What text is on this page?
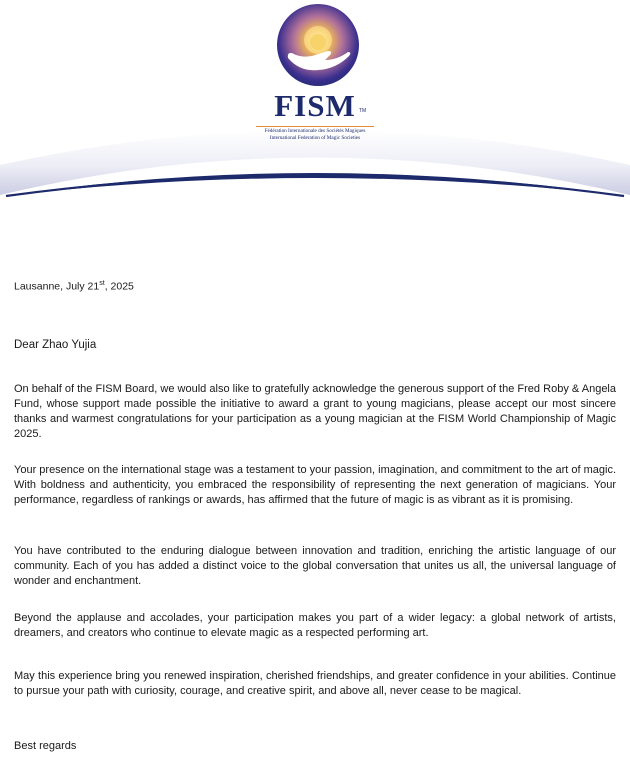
FISM TM
Fédération Internationale des Sociétés Magiques
International Federation of Magic Societies
Lausanne, July 21st, 2025
Dear Zhao Yujia
On behalf of the FISM Board, we would also like to gratefully acknowledge the generous support of the Fred Roby & Angela Fund, whose support made possible the initiative to award a grant to young magicians, please accept our most sincere thanks and warmest congratulations for your participation as a young magician at the FISM World Championship of Magic 2025.
Your presence on the international stage was a testament to your passion, imagination, and commitment to the art of magic. With boldness and authenticity, you embraced the responsibility of representing the next generation of magicians. Your performance, regardless of rankings or awards, has affirmed that the future of magic is as vibrant as it is promising.
You have contributed to the enduring dialogue between innovation and tradition, enriching the artistic language of our community. Each of you has added a distinct voice to the global conversation that unites us all, the universal language of wonder and enchantment.
Beyond the applause and accolades, your participation makes you part of a wider legacy: a global network of artists, dreamers, and creators who continue to elevate magic as a respected performing art.
May this experience bring you renewed inspiration, cherished friendships, and greater confidence in your abilities. Continue to pursue your path with curiosity, courage, and creative spirit, and above all, never cease to be magical.
Best regards
